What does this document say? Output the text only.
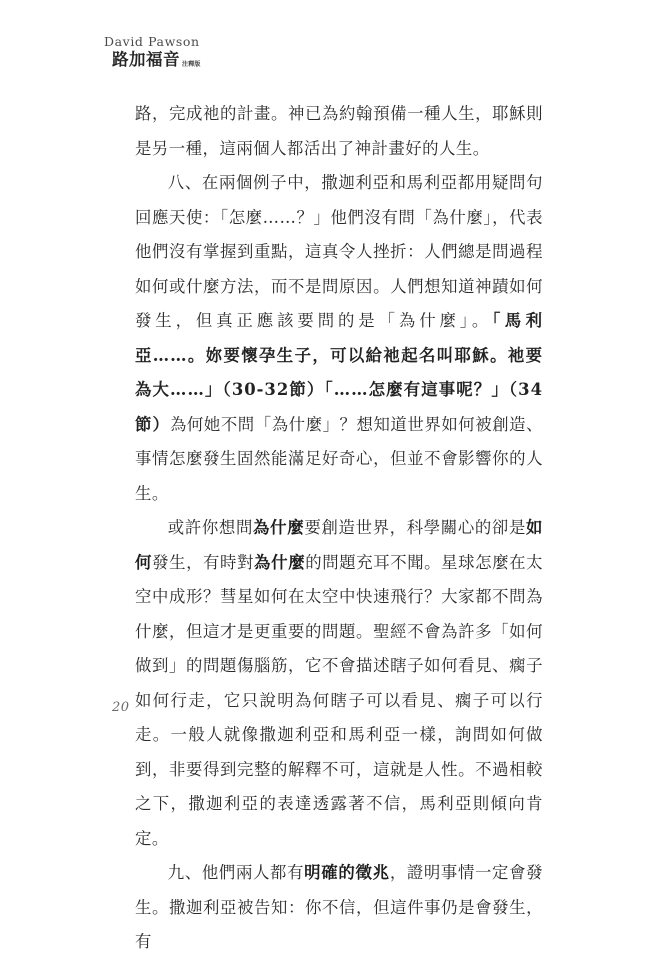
David Pawson
路加福音 注釋版

路，完成祂的計畫。神已為約翰預備一種人生，耶穌則是另一種，這兩個人都活出了神計畫好的人生。

八、在兩個例子中，撒迦利亞和馬利亞都用疑問句回應天使：「怎麼……？」他們沒有問「為什麼」，代表他們沒有掌握到重點，這真令人挫折：人們總是問過程如何或什麼方法，而不是問原因。人們想知道神蹟如何發生，但真正應該要問的是「為什麼」。「馬利亞……。妳要懷孕生子，可以給祂起名叫耶穌。祂要為大……」（30-32節）「……怎麼有這事呢？」（34節）為何她不問「為什麼」？想知道世界如何被創造、事情怎麼發生固然能滿足好奇心，但並不會影響你的人生。

或許你想問為什麼要創造世界，科學關心的卻是如何發生，有時對為什麼的問題充耳不聞。星球怎麼在太空中成形？彗星如何在太空中快速飛行？大家都不問為什麼，但這才是更重要的問題。聖經不會為許多「如何做到」的問題傷腦筋，它不會描述瞎子如何看見、瘸子如何行走，它只說明為何瞎子可以看見、瘸子可以行走。一般人就像撒迦利亞和馬利亞一樣，詢問如何做到，非要得到完整的解釋不可，這就是人性。不過相較之下，撒迦利亞的表達透露著不信，馬利亞則傾向肯定。

九、他們兩人都有明確的徵兆，證明事情一定會發生。撒迦利亞被告知：你不信，但這件事仍是會發生，有

20
